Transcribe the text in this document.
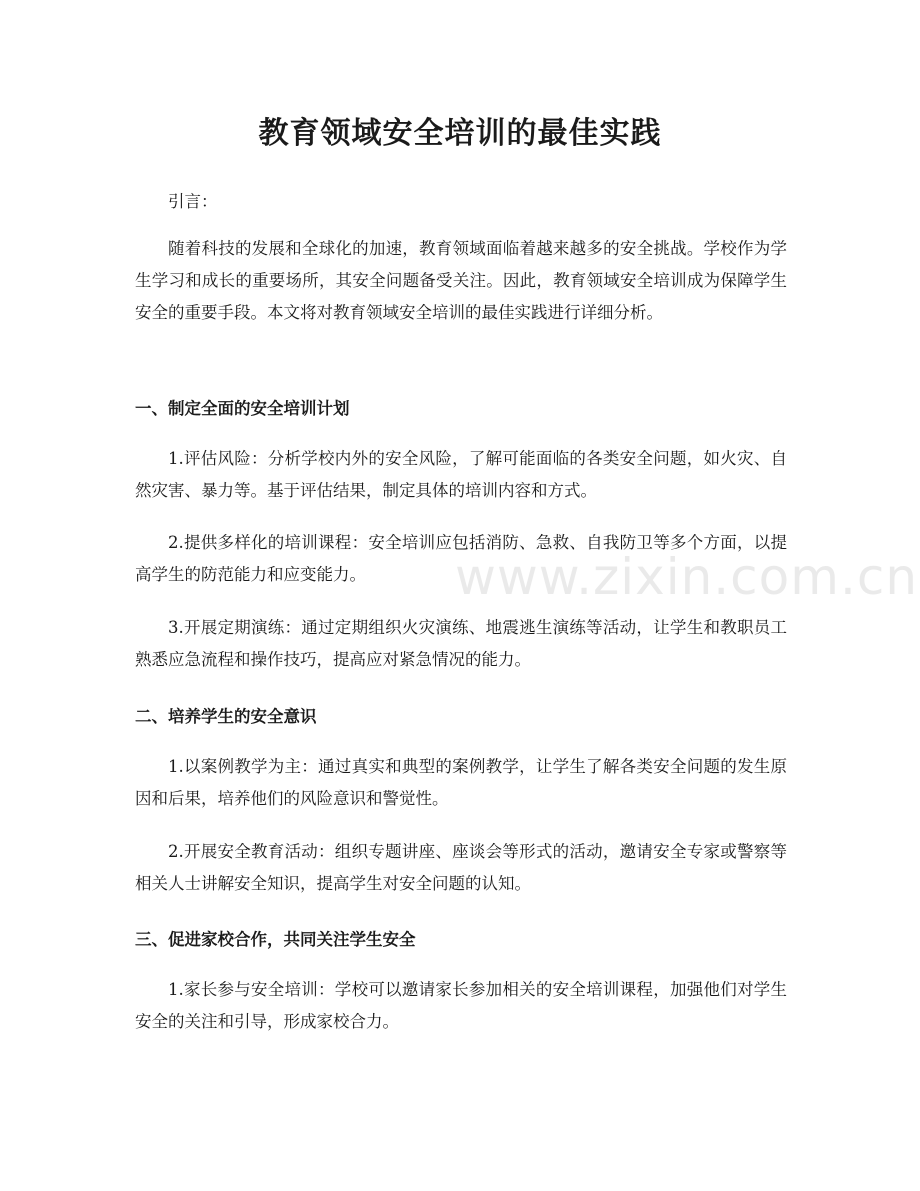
教育领域安全培训的最佳实践

引言：

随着科技的发展和全球化的加速，教育领域面临着越来越多的安全挑战。学校作为学生学习和成长的重要场所，其安全问题备受关注。因此，教育领域安全培训成为保障学生安全的重要手段。本文将对教育领域安全培训的最佳实践进行详细分析。

一、制定全面的安全培训计划

1.评估风险：分析学校内外的安全风险，了解可能面临的各类安全问题，如火灾、自然灾害、暴力等。基于评估结果，制定具体的培训内容和方式。

2.提供多样化的培训课程：安全培训应包括消防、急救、自我防卫等多个方面，以提高学生的防范能力和应变能力。

3.开展定期演练：通过定期组织火灾演练、地震逃生演练等活动，让学生和教职员工熟悉应急流程和操作技巧，提高应对紧急情况的能力。

二、培养学生的安全意识

1.以案例教学为主：通过真实和典型的案例教学，让学生了解各类安全问题的发生原因和后果，培养他们的风险意识和警觉性。

2.开展安全教育活动：组织专题讲座、座谈会等形式的活动，邀请安全专家或警察等相关人士讲解安全知识，提高学生对安全问题的认知。

三、促进家校合作，共同关注学生安全

1.家长参与安全培训：学校可以邀请家长参加相关的安全培训课程，加强他们对学生安全的关注和引导，形成家校合力。

www.zixin.com.cn
